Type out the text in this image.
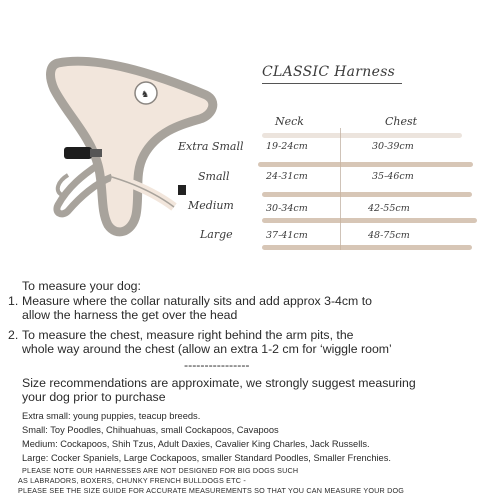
♞
CLASSIC Harness
Neck	Chest
Extra Small 19-24cm	30-39cm
Small	24-31cm	35-46cm
Medium	30-34cm	42-55cm
Large	37-41cm	48-75cm
To measure your dog:
1. Measure where the collar naturally sits and add approx 3-4cm to
allow the harness the get over the head
2. To measure the chest, measure right behind the arm pits, the
whole way around the chest (allow an extra 1-2 cm for ‘wiggle room’
----------------
Size recommendations are approximate, we strongly suggest measuring
your dog prior to purchase
Extra small: young puppies, teacup breeds.
Small: Toy Poodles, Chihuahuas, small Cockapoos, Cavapoos
Medium: Cockapoos, Shih Tzus, Adult Daxies, Cavalier King Charles, Jack Russells.
Large: Cocker Spaniels, Large Cockapoos, smaller Standard Poodles, Smaller Frenchies.
PLEASE NOTE OUR HARNESSES ARE NOT DESIGNED FOR BIG DOGS SUCH
AS LABRADORS, BOXERS, CHUNKY FRENCH BULLDOGS ETC -
PLEASE SEE THE SIZE GUIDE FOR ACCURATE MEASUREMENTS SO THAT YOU CAN MEASURE YOUR DOG
